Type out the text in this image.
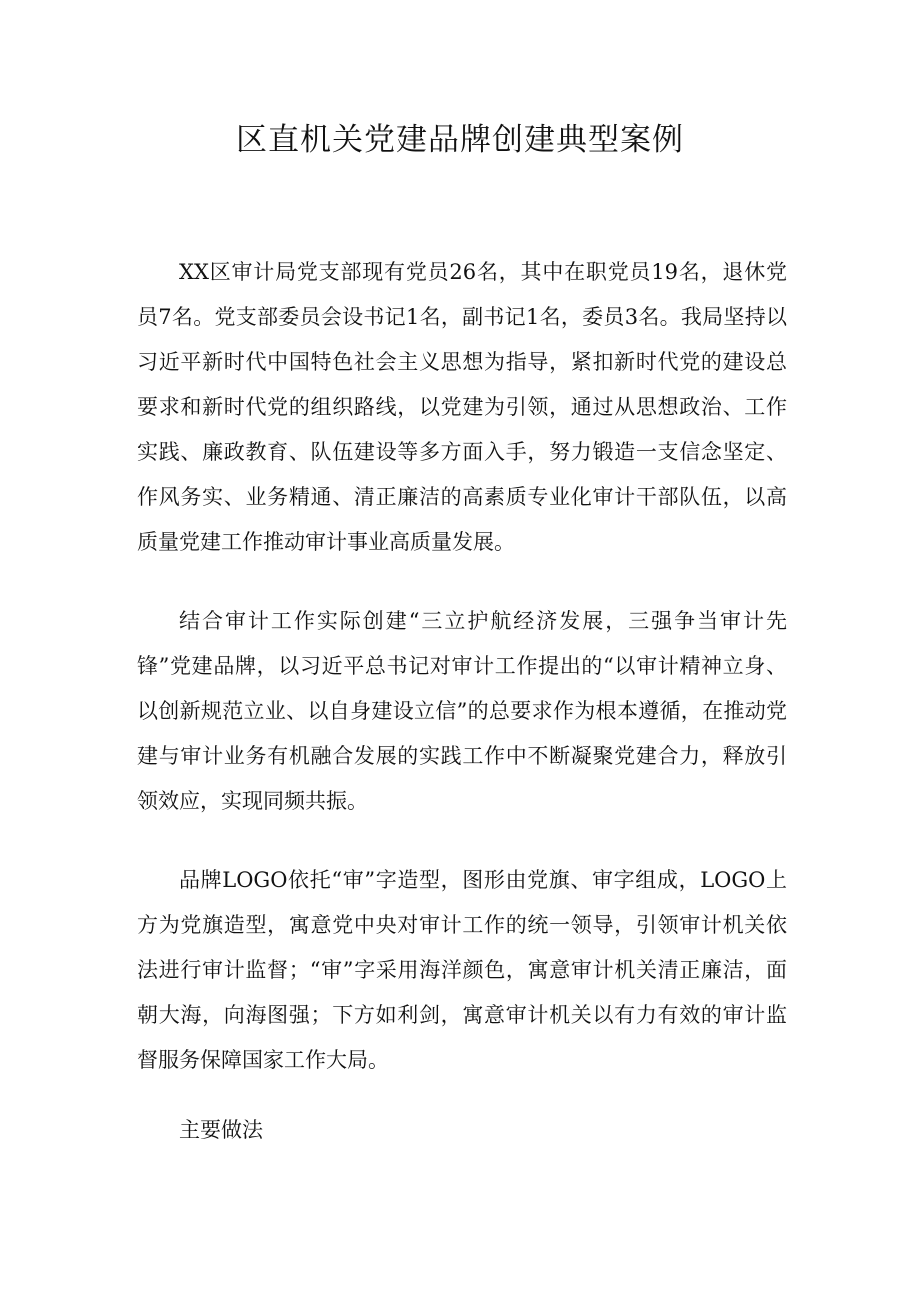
区直机关党建品牌创建典型案例

XX区审计局党支部现有党员26名，其中在职党员19名，退休党员7名。党支部委员会设书记1名，副书记1名，委员3名。我局坚持以习近平新时代中国特色社会主义思想为指导，紧扣新时代党的建设总要求和新时代党的组织路线，以党建为引领，通过从思想政治、工作实践、廉政教育、队伍建设等多方面入手，努力锻造一支信念坚定、作风务实、业务精通、清正廉洁的高素质专业化审计干部队伍，以高质量党建工作推动审计事业高质量发展。

结合审计工作实际创建“三立护航经济发展，三强争当审计先锋”党建品牌，以习近平总书记对审计工作提出的“以审计精神立身、以创新规范立业、以自身建设立信”的总要求作为根本遵循，在推动党建与审计业务有机融合发展的实践工作中不断凝聚党建合力，释放引领效应，实现同频共振。

品牌LOGO依托“审”字造型，图形由党旗、审字组成，LOGO上方为党旗造型，寓意党中央对审计工作的统一领导，引领审计机关依法进行审计监督；“审”字采用海洋颜色，寓意审计机关清正廉洁，面朝大海，向海图强；下方如利剑，寓意审计机关以有力有效的审计监督服务保障国家工作大局。

主要做法
